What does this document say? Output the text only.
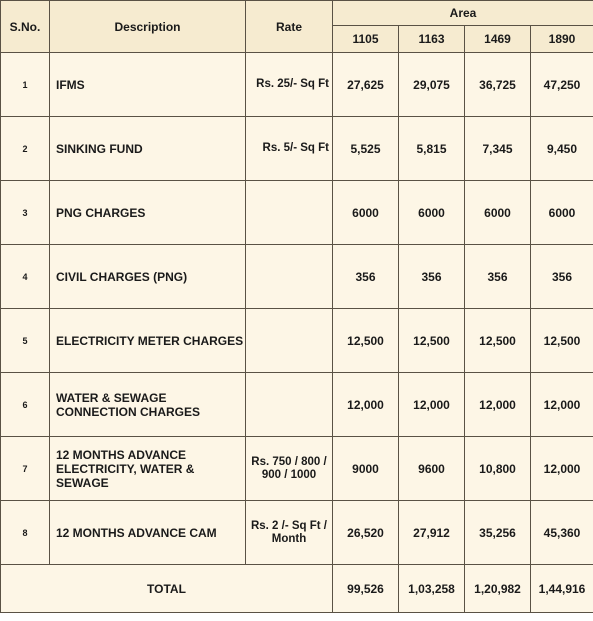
S.No.	Description	Rate	Area			
			1105	1163	1469	1890
1	IFMS	Rs. 25/- Sq Ft	27,625	29,075	36,725	47,250
2	SINKING FUND	Rs. 5/- Sq Ft	5,525	5,815	7,345	9,450
3	PNG CHARGES		6000	6000	6000	6000
4	CIVIL CHARGES (PNG)		356	356	356	356
5	ELECTRICITY METER CHARGES		12,500	12,500	12,500	12,500
6	WATER & SEWAGE CONNECTION CHARGES		12,000	12,000	12,000	12,000
7	12 MONTHS ADVANCE ELECTRICITY, WATER & SEWAGE	Rs. 750 / 800 / 900 / 1000	9000	9600	10,800	12,000
8	12 MONTHS ADVANCE CAM	Rs. 2 /- Sq Ft / Month	26,520	27,912	35,256	45,360
TOTAL			99,526	1,03,258	1,20,982	1,44,916
